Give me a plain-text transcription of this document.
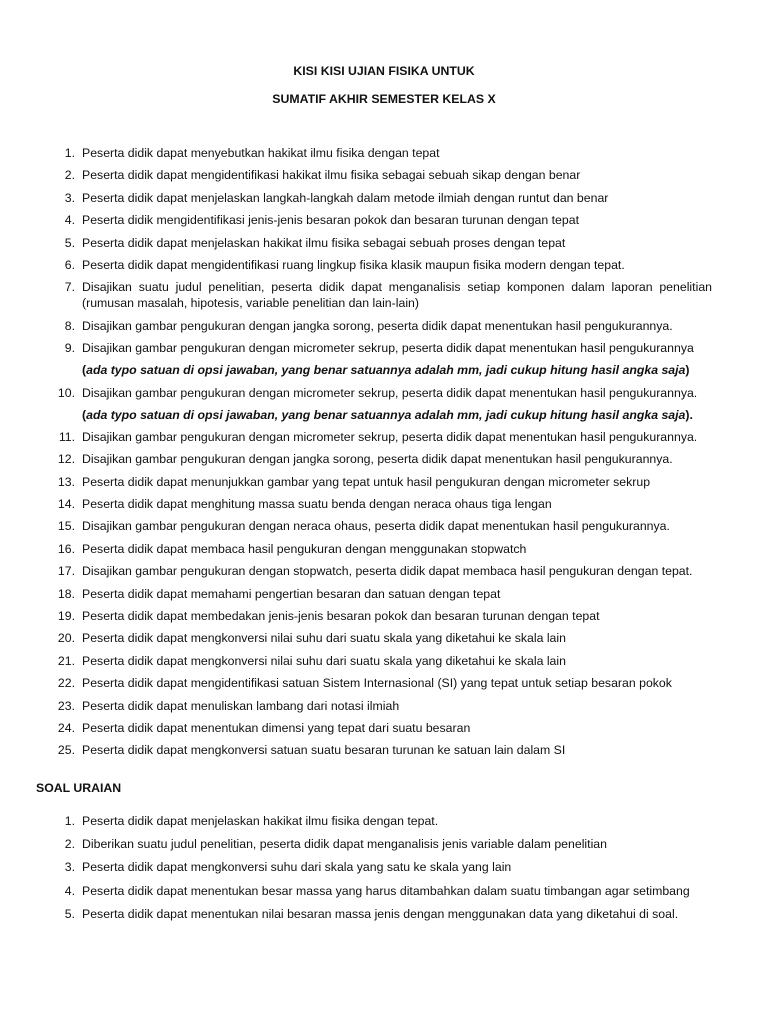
KISI KISI UJIAN FISIKA UNTUK
SUMATIF AKHIR SEMESTER KELAS X
1. Peserta didik dapat menyebutkan hakikat ilmu fisika dengan tepat
2. Peserta didik dapat mengidentifikasi hakikat ilmu fisika sebagai sebuah sikap dengan benar
3. Peserta didik dapat menjelaskan langkah-langkah dalam metode ilmiah dengan runtut dan benar
4. Peserta didik mengidentifikasi jenis-jenis besaran pokok dan besaran turunan dengan tepat
5. Peserta didik dapat menjelaskan hakikat ilmu fisika sebagai sebuah proses dengan tepat
6. Peserta didik dapat mengidentifikasi ruang lingkup fisika klasik maupun fisika modern dengan tepat.
7. Disajikan suatu judul penelitian, peserta didik dapat menganalisis setiap komponen dalam laporan penelitian (rumusan masalah, hipotesis, variable penelitian dan lain-lain)
8. Disajikan gambar pengukuran dengan jangka sorong, peserta didik dapat menentukan hasil pengukurannya.
9. Disajikan gambar pengukuran dengan micrometer sekrup, peserta didik dapat menentukan hasil pengukurannya
(ada typo satuan di opsi jawaban, yang benar satuannya adalah mm, jadi cukup hitung hasil angka saja)
10. Disajikan gambar pengukuran dengan micrometer sekrup, peserta didik dapat menentukan hasil pengukurannya.
(ada typo satuan di opsi jawaban, yang benar satuannya adalah mm, jadi cukup hitung hasil angka saja).
11. Disajikan gambar pengukuran dengan micrometer sekrup, peserta didik dapat menentukan hasil pengukurannya.
12. Disajikan gambar pengukuran dengan jangka sorong, peserta didik dapat menentukan hasil pengukurannya.
13. Peserta didik dapat menunjukkan gambar yang tepat untuk hasil pengukuran dengan micrometer sekrup
14. Peserta didik dapat menghitung massa suatu benda dengan neraca ohaus tiga lengan
15. Disajikan gambar pengukuran dengan neraca ohaus, peserta didik dapat menentukan hasil pengukurannya.
16. Peserta didik dapat membaca hasil pengukuran dengan menggunakan stopwatch
17. Disajikan gambar pengukuran dengan stopwatch, peserta didik dapat membaca hasil pengukuran dengan tepat.
18. Peserta didik dapat memahami pengertian besaran dan satuan dengan tepat
19. Peserta didik dapat membedakan jenis-jenis besaran pokok dan besaran turunan dengan tepat
20. Peserta didik dapat mengkonversi nilai suhu dari suatu skala yang diketahui ke skala lain
21. Peserta didik dapat mengkonversi nilai suhu dari suatu skala yang diketahui ke skala lain
22. Peserta didik dapat mengidentifikasi satuan Sistem Internasional (SI) yang tepat untuk setiap besaran pokok
23. Peserta didik dapat menuliskan lambang dari notasi ilmiah
24. Peserta didik dapat menentukan dimensi yang tepat dari suatu besaran
25. Peserta didik dapat mengkonversi satuan suatu besaran turunan ke satuan lain dalam SI
SOAL URAIAN
1. Peserta didik dapat menjelaskan hakikat ilmu fisika dengan tepat.
2. Diberikan suatu judul penelitian, peserta didik dapat menganalisis jenis variable dalam penelitian
3. Peserta didik dapat mengkonversi suhu dari skala yang satu ke skala yang lain
4. Peserta didik dapat menentukan besar massa yang harus ditambahkan dalam suatu timbangan agar setimbang
5. Peserta didik dapat menentukan nilai besaran massa jenis dengan menggunakan data yang diketahui di soal.
